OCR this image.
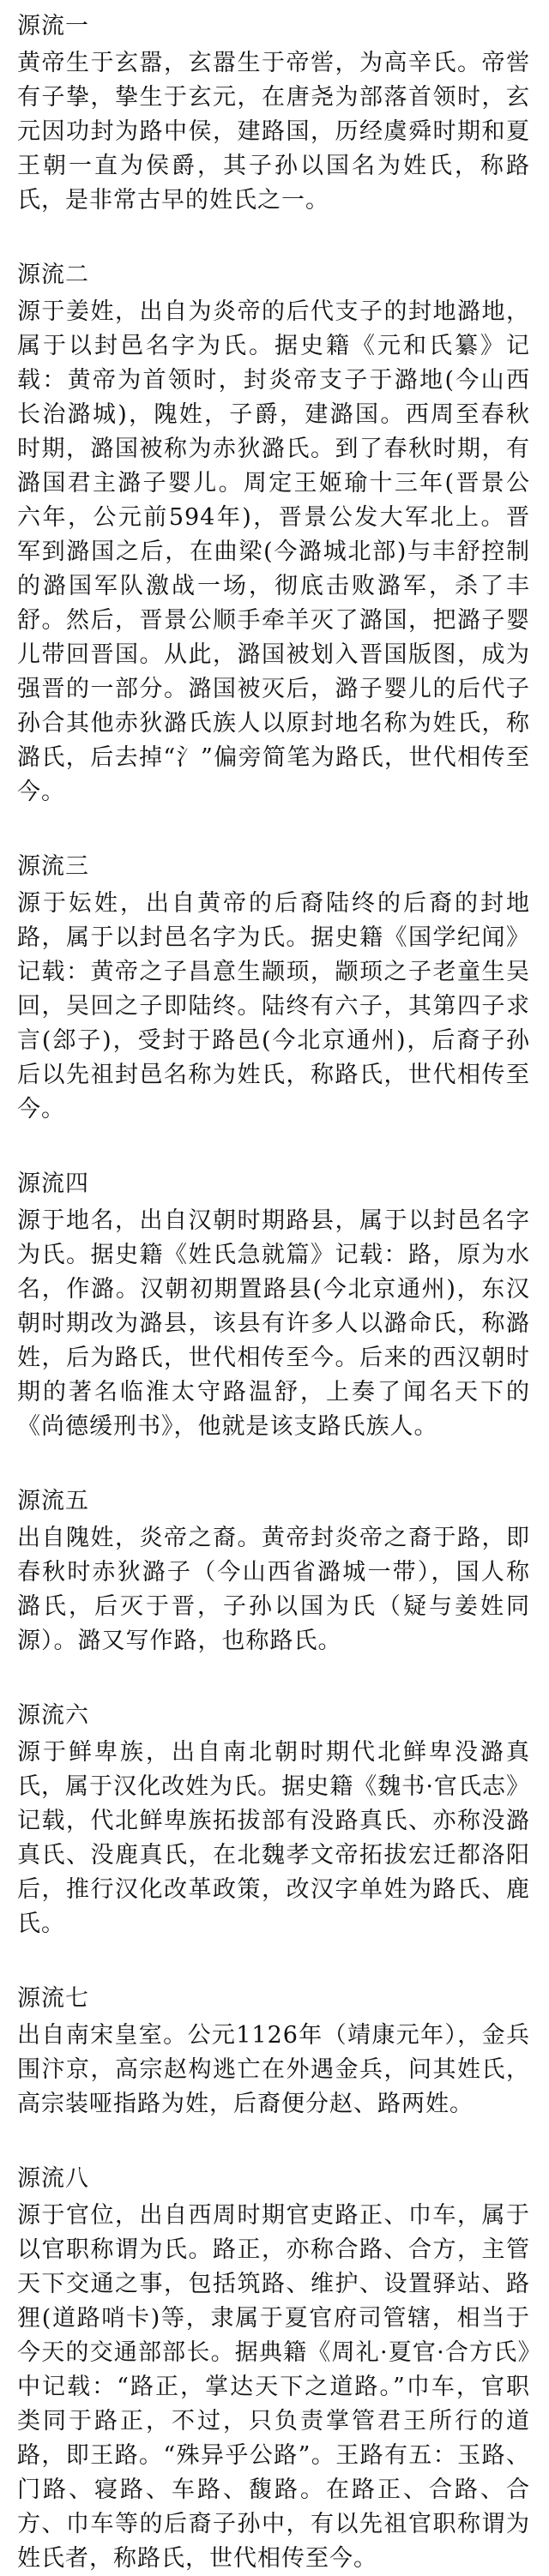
源流一

黄帝生于玄嚣，玄嚣生于帝喾，为高辛氏。帝喾有子挚，挚生于玄元，在唐尧为部落首领时，玄元因功封为路中侯，建路国，历经虞舜时期和夏王朝一直为侯爵，其子孙以国名为姓氏，称路氏，是非常古早的姓氏之一。

源流二

源于姜姓，出自为炎帝的后代支子的封地潞地，属于以封邑名字为氏。据史籍《元和氏纂》记载：黄帝为首领时，封炎帝支子于潞地(今山西长治潞城)，隗姓，子爵，建潞国。西周至春秋时期，潞国被称为赤狄潞氏。到了春秋时期，有潞国君主潞子婴儿。周定王姬瑜十三年(晋景公六年，公元前594年)，晋景公发大军北上。晋军到潞国之后，在曲梁(今潞城北部)与丰舒控制的潞国军队激战一场，彻底击败潞军，杀了丰舒。然后，晋景公顺手牵羊灭了潞国，把潞子婴儿带回晋国。从此，潞国被划入晋国版图，成为强晋的一部分。潞国被灭后，潞子婴儿的后代子孙合其他赤狄潞氏族人以原封地名称为姓氏，称潞氏，后去掉“氵”偏旁简笔为路氏，世代相传至今。

源流三

源于妘姓，出自黄帝的后裔陆终的后裔的封地路，属于以封邑名字为氏。据史籍《国学纪闻》记载：黄帝之子昌意生颛顼，颛顼之子老童生吴回，吴回之子即陆终。陆终有六子，其第四子求言(郐子)，受封于路邑(今北京通州)，后裔子孙后以先祖封邑名称为姓氏，称路氏，世代相传至今。

源流四

源于地名，出自汉朝时期路县，属于以封邑名字为氏。据史籍《姓氏急就篇》记载：路，原为水名，作潞。汉朝初期置路县(今北京通州)，东汉朝时期改为潞县，该县有许多人以潞命氏，称潞姓，后为路氏，世代相传至今。后来的西汉朝时期的著名临淮太守路温舒，上奏了闻名天下的《尚德缓刑书》，他就是该支路氏族人。

源流五

出自隗姓，炎帝之裔。黄帝封炎帝之裔于路，即春秋时赤狄潞子（今山西省潞城一带），国人称潞氏，后灭于晋，子孙以国为氏（疑与姜姓同源）。潞又写作路，也称路氏。

源流六

源于鲜卑族，出自南北朝时期代北鲜卑没潞真氏，属于汉化改姓为氏。据史籍《魏书·官氏志》记载，代北鲜卑族拓拔部有没路真氏、亦称没潞真氏、没鹿真氏，在北魏孝文帝拓拔宏迁都洛阳后，推行汉化改革政策，改汉字单姓为路氏、鹿氏。

源流七

出自南宋皇室。公元1126年（靖康元年），金兵围汴京，高宗赵构逃亡在外遇金兵，问其姓氏，高宗装哑指路为姓，后裔便分赵、路两姓。

源流八

源于官位，出自西周时期官吏路正、巾车，属于以官职称谓为氏。路正，亦称合路、合方，主管天下交通之事，包括筑路、维护、设置驿站、路狸(道路哨卡)等，隶属于夏官府司管辖，相当于今天的交通部部长。据典籍《周礼·夏官·合方氏》中记载：“路正，掌达天下之道路。”巾车，官职类同于路正，不过，只负责掌管君王所行的道路，即王路。“殊异乎公路”。王路有五：玉路、门路、寝路、车路、馥路。在路正、合路、合方、巾车等的后裔子孙中，有以先祖官职称谓为姓氏者，称路氏，世代相传至今。
